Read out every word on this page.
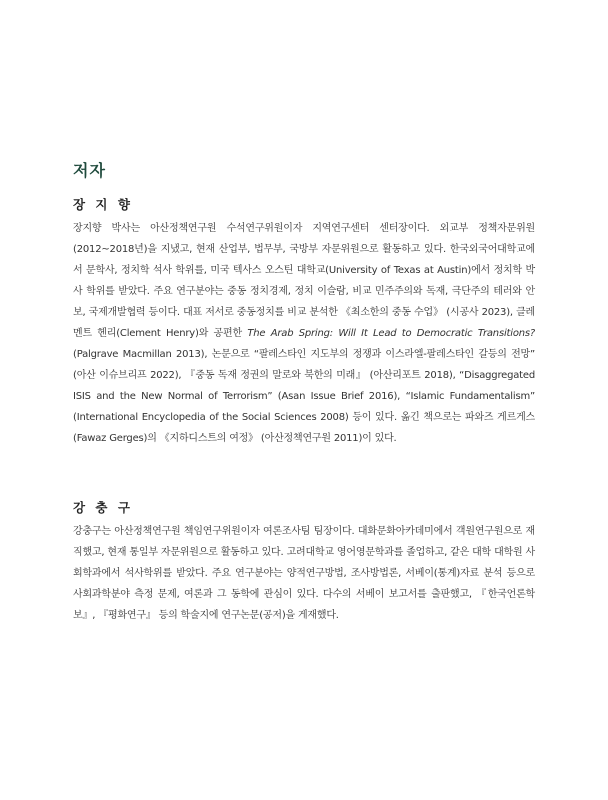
저자
장 지 향

장지향 박사는 아산정책연구원 수석연구위원이자 지역연구센터 센터장이다. 외교부 정책자문위원(2012~2018년)을 지냈고, 현재 산업부, 법무부, 국방부 자문위원으로 활동하고 있다. 한국외국어대학교에서 문학사, 정치학 석사 학위를, 미국 텍사스 오스틴 대학교(University of Texas at Austin)에서 정치학 박사 학위를 받았다. 주요 연구분야는 중동 정치경제, 정치 이슬람, 비교 민주주의와 독재, 극단주의 테러와 안보, 국제개발협력 등이다. 대표 저서로 중동정치를 비교 분석한 《최소한의 중동 수업》 (시공사 2023), 클레멘트 헨리(Clement Henry)와 공편한 The Arab Spring: Will It Lead to Democratic Transitions? (Palgrave Macmillan 2013), 논문으로 “팔레스타인 지도부의 정쟁과 이스라엘-팔레스타인 갈등의 전망” (아산 이슈브리프 2022), 『중동 독재 정권의 말로와 북한의 미래』 (아산리포트 2018), “Disaggregated ISIS and the New Normal of Terrorism” (Asan Issue Brief 2016), “Islamic Fundamentalism” (International Encyclopedia of the Social Sciences 2008) 등이 있다. 옮긴 책으로는 파와즈 게르게스(Fawaz Gerges)의 《지하디스트의 여정》 (아산정책연구원 2011)이 있다.

강 충 구

강충구는 아산정책연구원 책임연구위원이자 여론조사팀 팀장이다. 대화문화아카데미에서 객원연구원으로 재직했고, 현재 통일부 자문위원으로 활동하고 있다. 고려대학교 영어영문학과를 졸업하고, 같은 대학 대학원 사회학과에서 석사학위를 받았다. 주요 연구분야는 양적연구방법, 조사방법론, 서베이(통계)자료 분석 등으로 사회과학분야 측정 문제, 여론과 그 동학에 관심이 있다. 다수의 서베이 보고서를 출판했고, 『한국언론학보』, 『평화연구』 등의 학술지에 연구논문(공저)을 게재했다.
